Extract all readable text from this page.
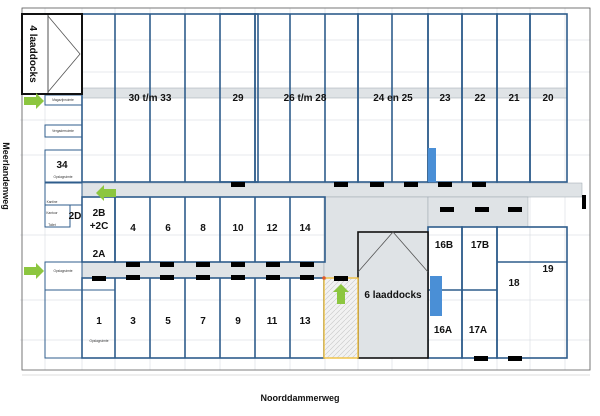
30 t/m 33	29	26 t/m 28	24 en 25	23 22 21 20
34
2B
+2C
2D
2A
4	6	8	10 12 14
16B 17B
19
18
6 laaddocks
1	3	5	7	9	11 13
16A 17A
4 laaddocks
Magazijnruimte
Vergaderruimte
Opslagruimte
Kantine
Kantoor
Toilet
Opslagruimte
Opslagruimte
Noorddammerweg
Meerlandenweg
